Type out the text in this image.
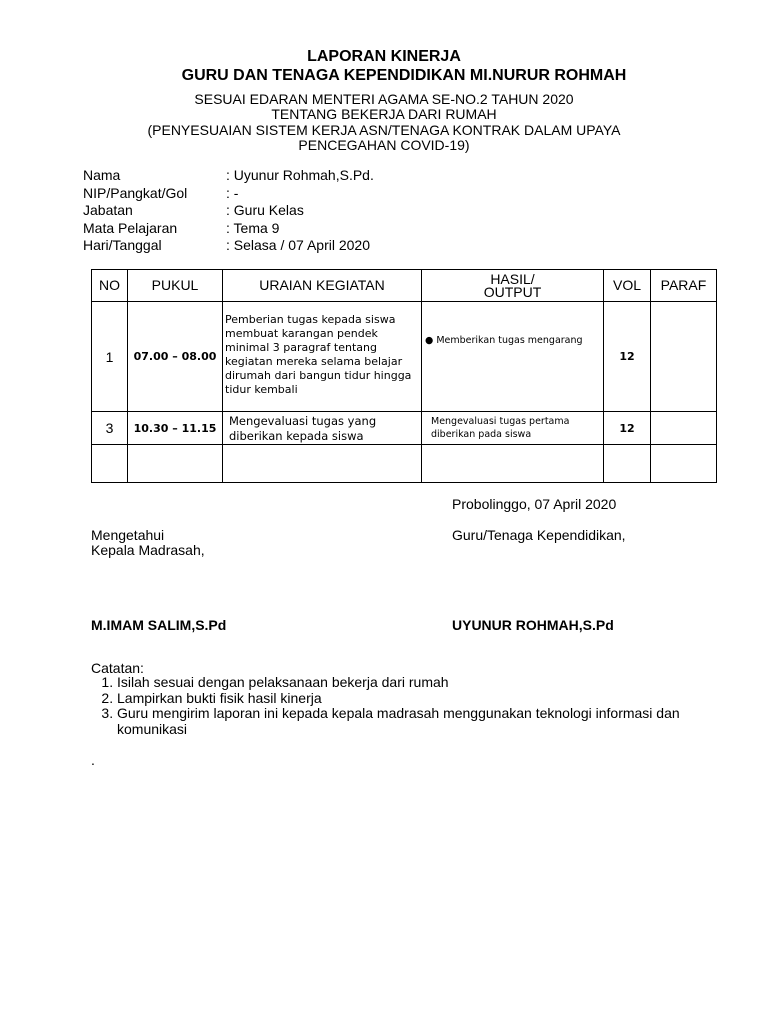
LAPORAN KINERJA
GURU DAN TENAGA KEPENDIDIKAN MI.NURUR ROHMAH
SESUAI EDARAN MENTERI AGAMA SE-NO.2 TAHUN 2020
TENTANG BEKERJA DARI RUMAH
(PENYESUAIAN SISTEM KERJA ASN/TENAGA KONTRAK DALAM UPAYA
PENCEGAHAN COVID-19)
Nama	: Uyunur Rohmah,S.Pd.
NIP/Pangkat/Gol	: -
Jabatan	: Guru Kelas
Mata Pelajaran	: Tema 9
Hari/Tanggal	: Selasa / 07 April 2020
NO	PUKUL	URAIAN KEGIATAN	HASIL/
OUTPUT	VOL	PARAF
1	07.00 – 08.00	Pemberian tugas kepada siswa membuat karangan pendek minimal 3 paragraf tentang kegiatan mereka selama belajar dirumah dari bangun tidur hingga tidur kembali	● Memberikan tugas mengarang	12	
3	10.30 – 11.15	Mengevaluasi tugas yang diberikan kepada siswa	Mengevaluasi tugas pertama diberikan pada siswa	12	

Probolinggo, 07 April 2020
Mengetahui
Kepala Madrasah,
Guru/Tenaga Kependidikan,
M.IMAM SALIM,S.Pd	UYUNUR ROHMAH,S.Pd
Catatan:
1. Isilah sesuai dengan pelaksanaan bekerja dari rumah
2. Lampirkan bukti fisik hasil kinerja
3. Guru mengirim laporan ini kepada kepala madrasah menggunakan teknologi informasi dan komunikasi
.
